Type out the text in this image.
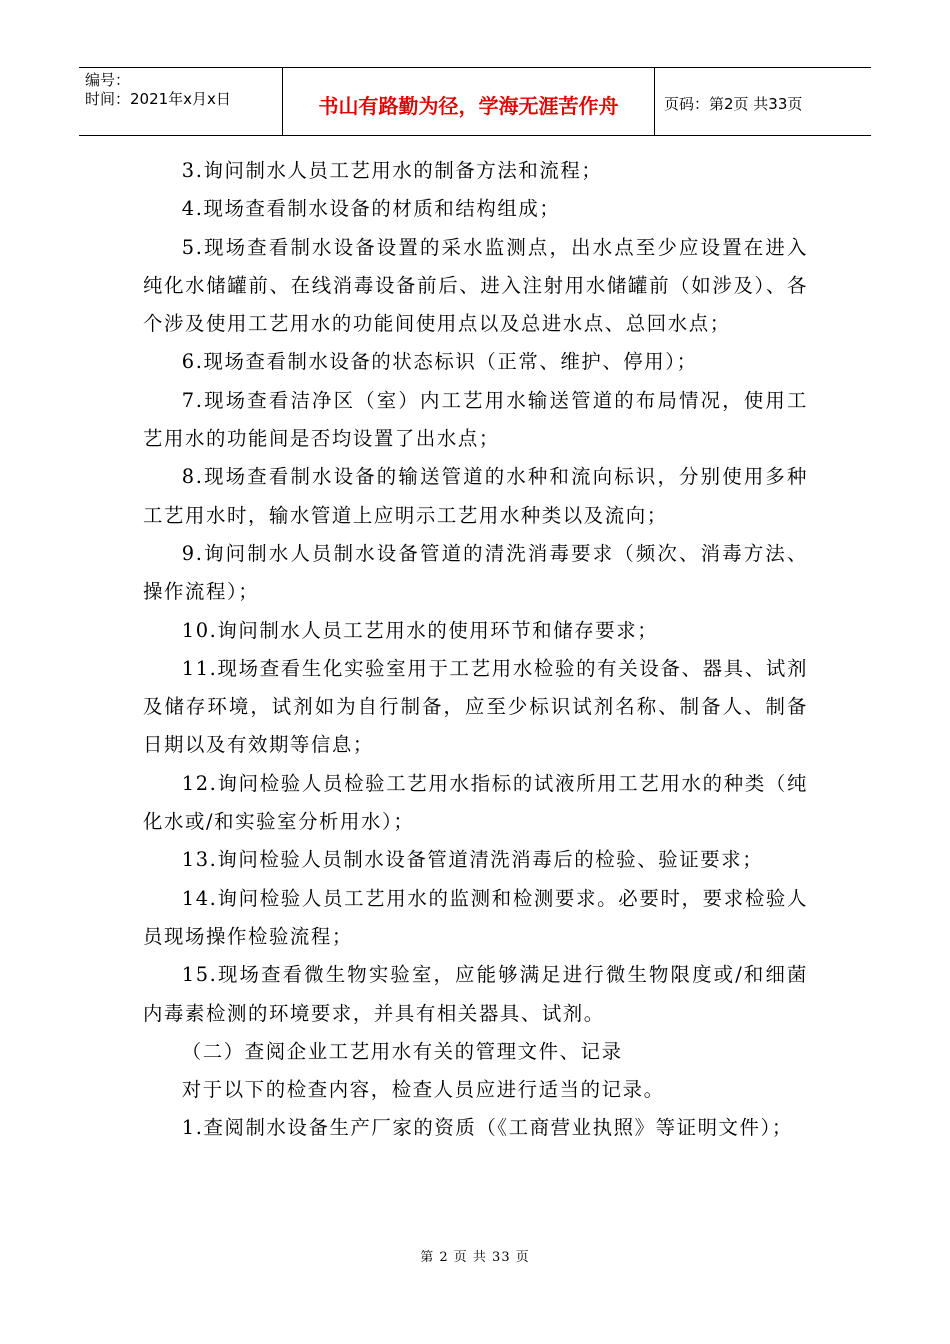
编号：
时间：2021年x月x日	书山有路勤为径，学海无涯苦作舟	页码：第2页 共33页

3.询问制水人员工艺用水的制备方法和流程；

4.现场查看制水设备的材质和结构组成；

5.现场查看制水设备设置的采水监测点，出水点至少应设置在进入纯化水储罐前、在线消毒设备前后、进入注射用水储罐前（如涉及）、各个涉及使用工艺用水的功能间使用点以及总进水点、总回水点；

6.现场查看制水设备的状态标识（正常、维护、停用）；

7.现场查看洁净区（室）内工艺用水输送管道的布局情况，使用工艺用水的功能间是否均设置了出水点；

8.现场查看制水设备的输送管道的水种和流向标识，分别使用多种工艺用水时，输水管道上应明示工艺用水种类以及流向；

9.询问制水人员制水设备管道的清洗消毒要求（频次、消毒方法、操作流程）；

10.询问制水人员工艺用水的使用环节和储存要求；

11.现场查看生化实验室用于工艺用水检验的有关设备、器具、试剂及储存环境，试剂如为自行制备，应至少标识试剂名称、制备人、制备日期以及有效期等信息；

12.询问检验人员检验工艺用水指标的试液所用工艺用水的种类（纯化水或/和实验室分析用水）；

13.询问检验人员制水设备管道清洗消毒后的检验、验证要求；

14.询问检验人员工艺用水的监测和检测要求。必要时，要求检验人员现场操作检验流程；

15.现场查看微生物实验室，应能够满足进行微生物限度或/和细菌内毒素检测的环境要求，并具有相关器具、试剂。

（二）查阅企业工艺用水有关的管理文件、记录

对于以下的检查内容，检查人员应进行适当的记录。

1.查阅制水设备生产厂家的资质（《工商营业执照》等证明文件）；

第 2 页 共 33 页
